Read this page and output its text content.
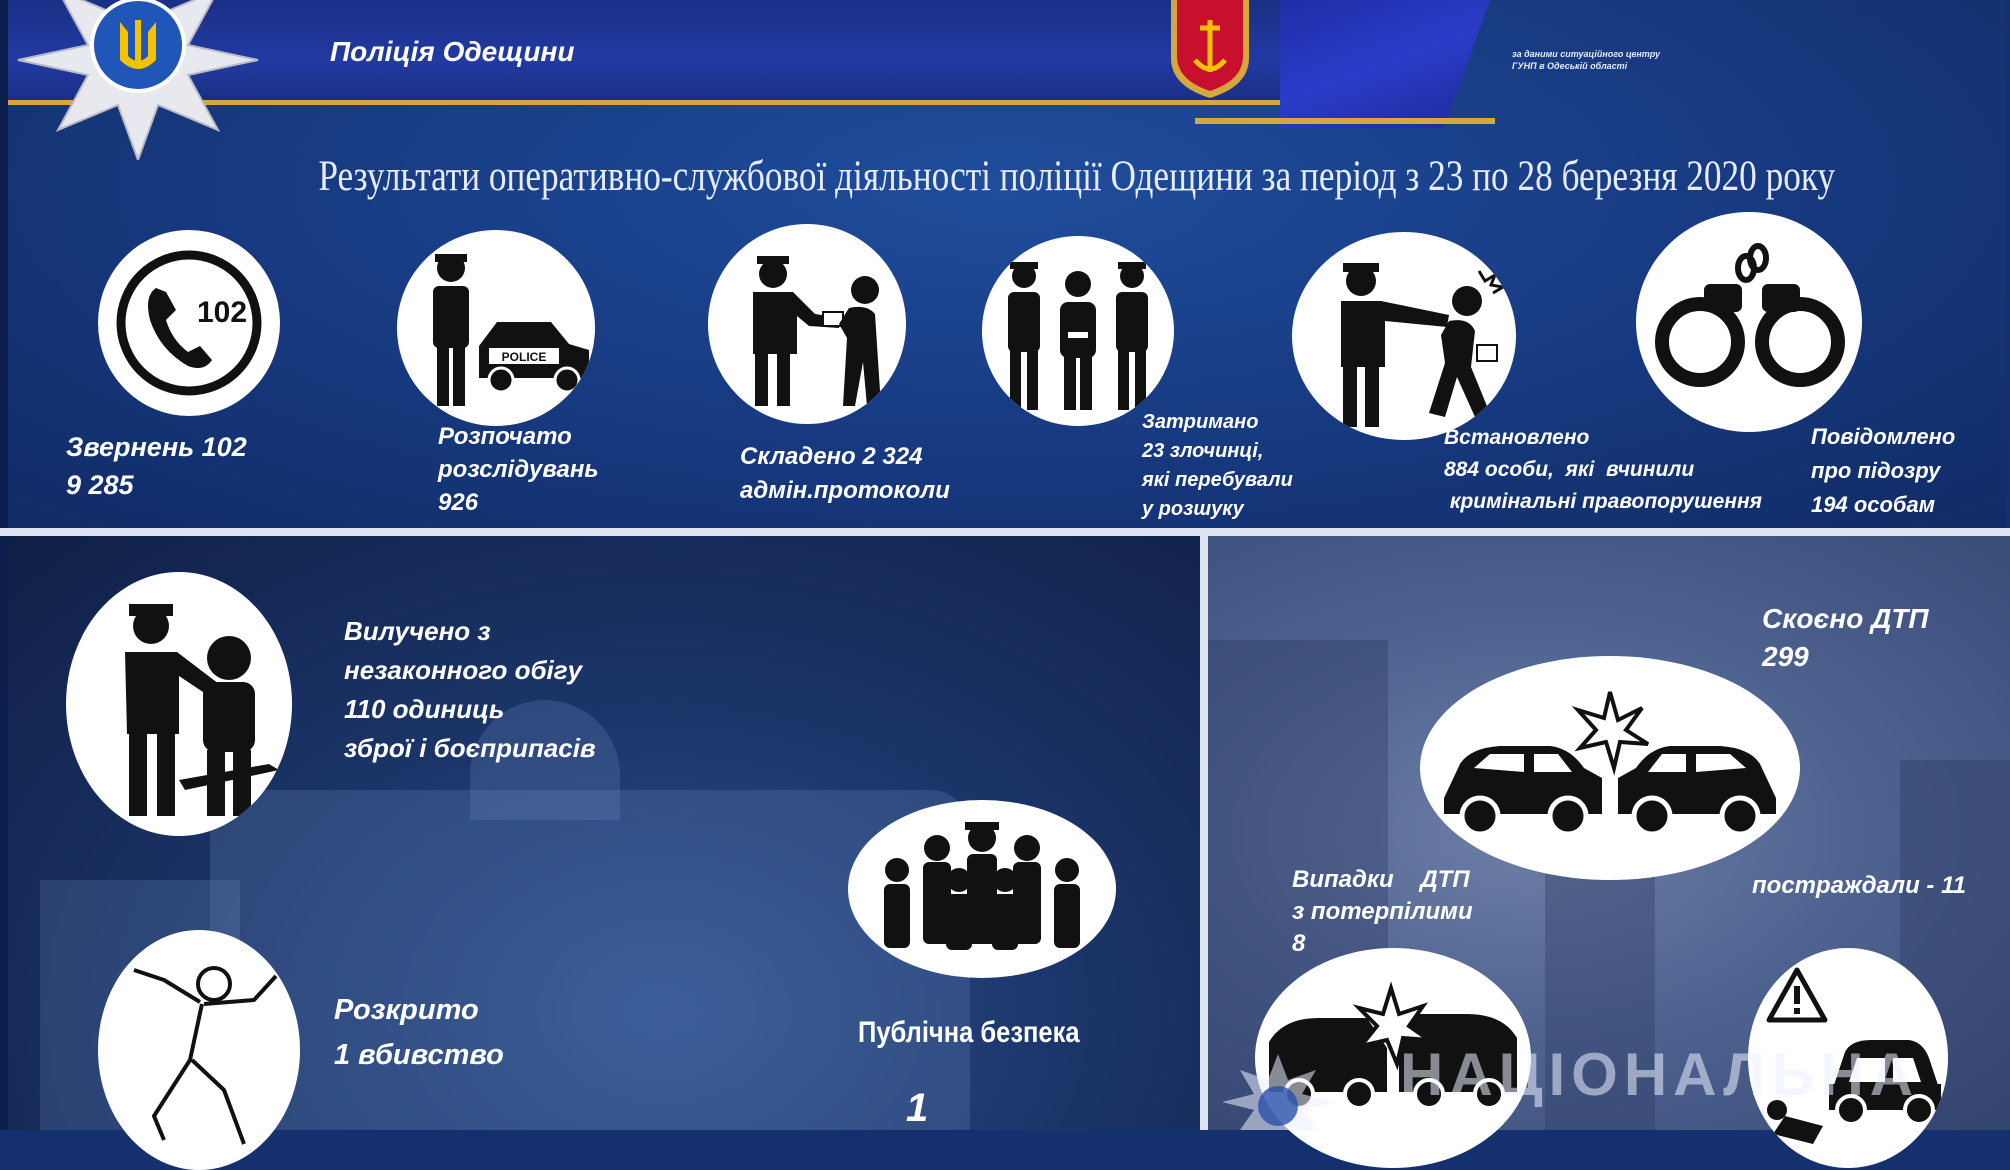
Поліція Одещини	за даними ситуаційного центру
ГУНП в Одеській області
Результати оперативно-службової діяльності поліції Одещини за період з 23 по 28 березня 2020 року
102
Звернень 102
9 285
POLICE
Розпочато
розслідувань
926
Складено 2 324
адмін.протоколи
Затримано
23 злочинці,
які перебували
у розшуку
Встановлено
884 особи,  які  вчинили
кримінальні правопорушення
Повідомлено
про підозру
194 особам
Вилучено з
незаконного обігу
110 одиниць
зброї і боєприпасів
Розкрито
1 вбивство
Публічна безпека
1
Скоєно ДТП
299
Випадки    ДТП
з потерпілими
8
постраждали - 11
НАЦІОНАЛЬНА
